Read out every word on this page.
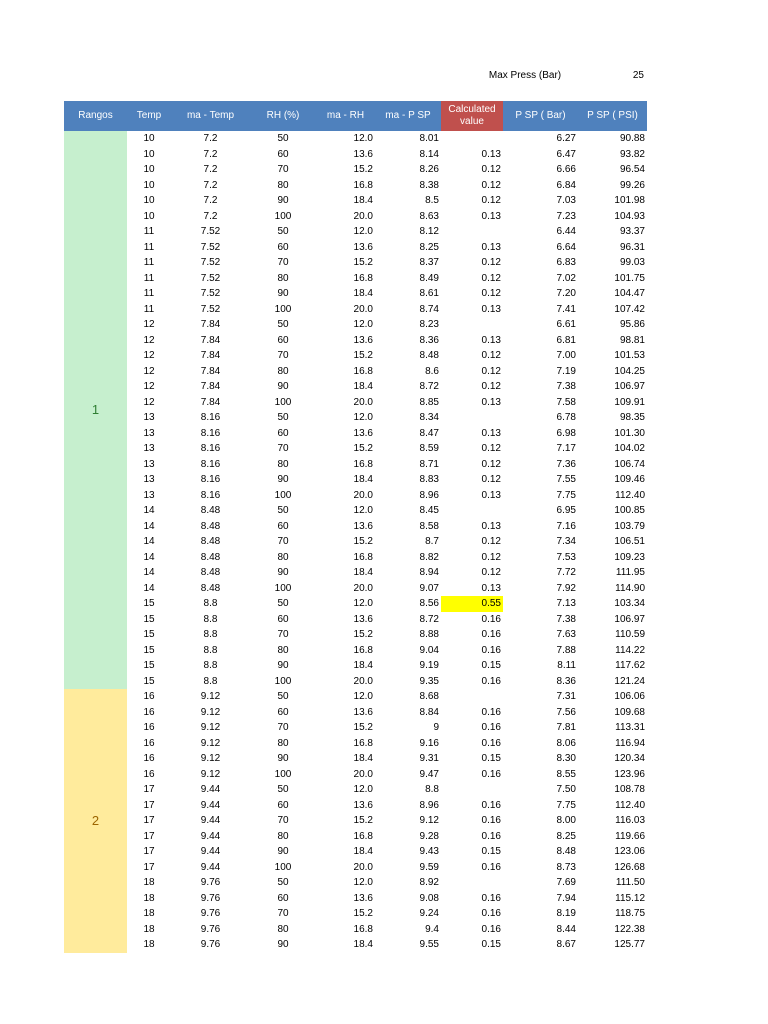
Max Press (Bar)	25
Rangos	Temp	ma - Temp	RH (%)	ma - RH	ma - P SP	Calculated value	P SP ( Bar)	P SP ( PSI)
1	10	7.2	50	12.0	8.01		6.27	90.88
	10	7.2	60	13.6	8.14	0.13	6.47	93.82
	10	7.2	70	15.2	8.26	0.12	6.66	96.54
	10	7.2	80	16.8	8.38	0.12	6.84	99.26
	10	7.2	90	18.4	8.5	0.12	7.03	101.98
	10	7.2	100	20.0	8.63	0.13	7.23	104.93
	11	7.52	50	12.0	8.12		6.44	93.37
	11	7.52	60	13.6	8.25	0.13	6.64	96.31
	11	7.52	70	15.2	8.37	0.12	6.83	99.03
	11	7.52	80	16.8	8.49	0.12	7.02	101.75
	11	7.52	90	18.4	8.61	0.12	7.20	104.47
	11	7.52	100	20.0	8.74	0.13	7.41	107.42
	12	7.84	50	12.0	8.23		6.61	95.86
	12	7.84	60	13.6	8.36	0.13	6.81	98.81
	12	7.84	70	15.2	8.48	0.12	7.00	101.53
	12	7.84	80	16.8	8.6	0.12	7.19	104.25
	12	7.84	90	18.4	8.72	0.12	7.38	106.97
	12	7.84	100	20.0	8.85	0.13	7.58	109.91
	13	8.16	50	12.0	8.34		6.78	98.35
	13	8.16	60	13.6	8.47	0.13	6.98	101.30
	13	8.16	70	15.2	8.59	0.12	7.17	104.02
	13	8.16	80	16.8	8.71	0.12	7.36	106.74
	13	8.16	90	18.4	8.83	0.12	7.55	109.46
	13	8.16	100	20.0	8.96	0.13	7.75	112.40
	14	8.48	50	12.0	8.45		6.95	100.85
	14	8.48	60	13.6	8.58	0.13	7.16	103.79
	14	8.48	70	15.2	8.7	0.12	7.34	106.51
	14	8.48	80	16.8	8.82	0.12	7.53	109.23
	14	8.48	90	18.4	8.94	0.12	7.72	111.95
	14	8.48	100	20.0	9.07	0.13	7.92	114.90
	15	8.8	50	12.0	8.56	0.55	7.13	103.34
	15	8.8	60	13.6	8.72	0.16	7.38	106.97
	15	8.8	70	15.2	8.88	0.16	7.63	110.59
	15	8.8	80	16.8	9.04	0.16	7.88	114.22
	15	8.8	90	18.4	9.19	0.15	8.11	117.62
	15	8.8	100	20.0	9.35	0.16	8.36	121.24
2	16	9.12	50	12.0	8.68		7.31	106.06
	16	9.12	60	13.6	8.84	0.16	7.56	109.68
	16	9.12	70	15.2	9	0.16	7.81	113.31
	16	9.12	80	16.8	9.16	0.16	8.06	116.94
	16	9.12	90	18.4	9.31	0.15	8.30	120.34
	16	9.12	100	20.0	9.47	0.16	8.55	123.96
	17	9.44	50	12.0	8.8		7.50	108.78
	17	9.44	60	13.6	8.96	0.16	7.75	112.40
	17	9.44	70	15.2	9.12	0.16	8.00	116.03
	17	9.44	80	16.8	9.28	0.16	8.25	119.66
	17	9.44	90	18.4	9.43	0.15	8.48	123.06
	17	9.44	100	20.0	9.59	0.16	8.73	126.68
	18	9.76	50	12.0	8.92		7.69	111.50
	18	9.76	60	13.6	9.08	0.16	7.94	115.12
	18	9.76	70	15.2	9.24	0.16	8.19	118.75
	18	9.76	80	16.8	9.4	0.16	8.44	122.38
	18	9.76	90	18.4	9.55	0.15	8.67	125.77
